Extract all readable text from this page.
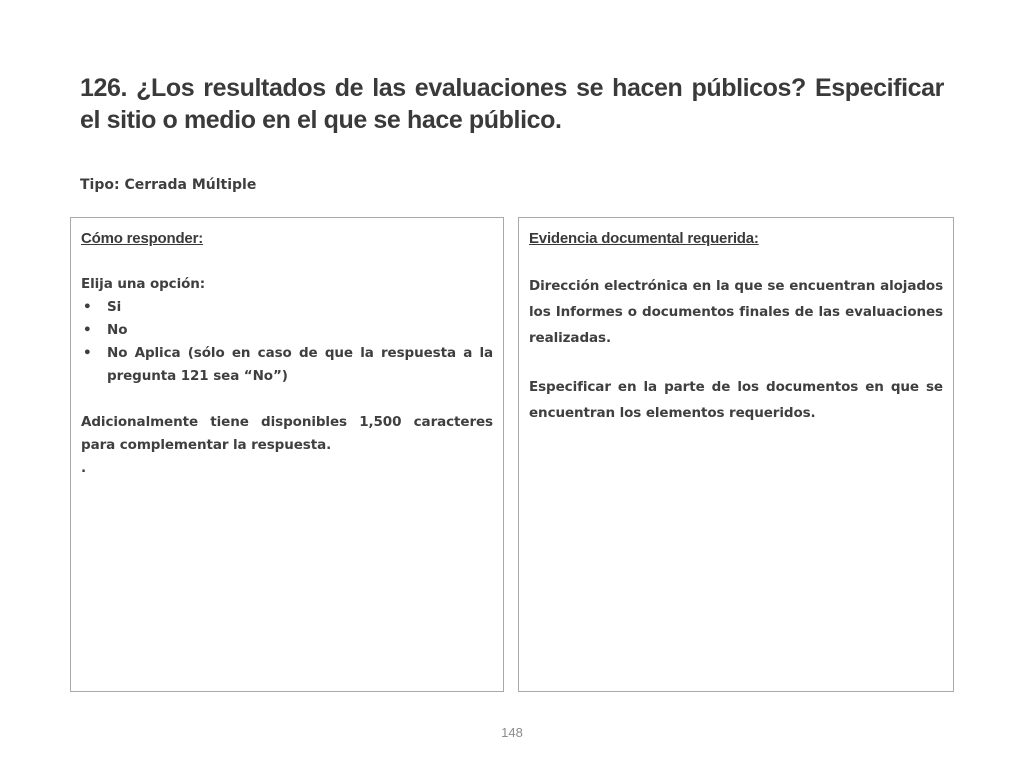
126. ¿Los resultados de las evaluaciones se hacen públicos? Especificar el sitio o medio en el que se hace público.

Tipo: Cerrada Múltiple

Cómo responder:

Elija una opción:

• Si
• No
• No Aplica (sólo en caso de que la respuesta a la pregunta 121 sea “No”)

Adicionalmente tiene disponibles 1,500 caracteres para complementar la respuesta.

.

Evidencia documental requerida:

Dirección electrónica en la que se encuentran alojados los Informes o documentos finales de las evaluaciones realizadas.

Especificar en la parte de los documentos en que se encuentran los elementos requeridos.

148
